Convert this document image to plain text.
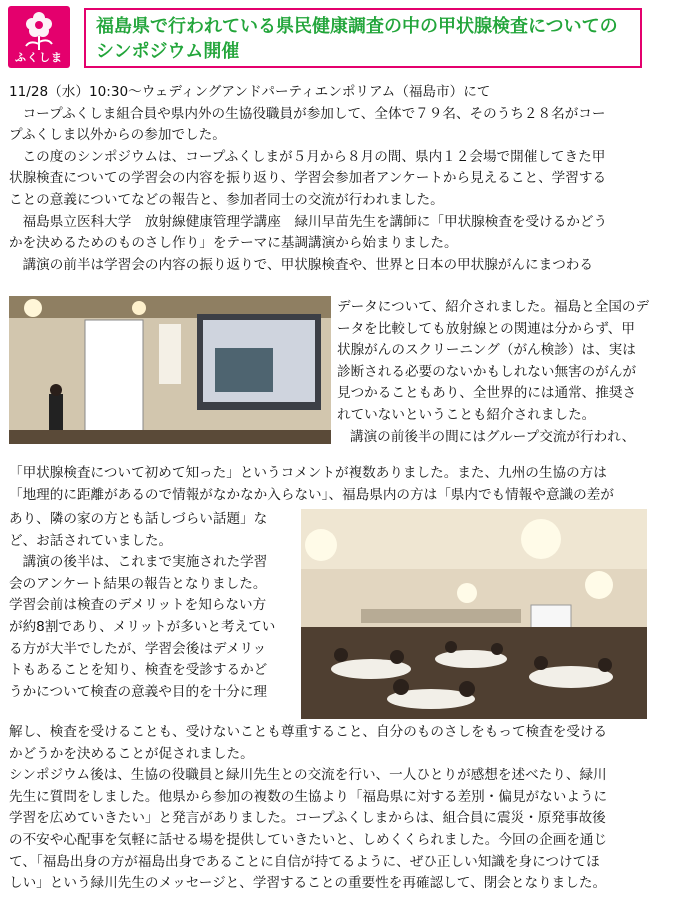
ふくしま
福島県で行われている県民健康調査の中の甲状腺検査についての
シンポジウム開催

11/28（水）10:30～ウェディングアンドパーティエンポリアム（福島市）にて
　コープふくしま組合員や県内外の生協役職員が参加して、全体で７９名、そのうち２８名がコー
プふくしま以外からの参加でした。
　この度のシンポジウムは、コープふくしまが５月から８月の間、県内１２会場で開催してきた甲
状腺検査についての学習会の内容を振り返り、学習会参加者アンケートから見えること、学習する
ことの意義についてなどの報告と、参加者同士の交流が行われました。
　福島県立医科大学　放射線健康管理学講座　緑川早苗先生を講師に「甲状腺検査を受けるかどう
かを決めるためのものさし作り」をテーマに基調講演から始まりました。
　講演の前半は学習会の内容の振り返りで、甲状腺検査や、世界と日本の甲状腺がんにまつわる

データについて、紹介されました。福島と全国のデ
ータを比較しても放射線との関連は分からず、甲
状腺がんのスクリーニング（がん検診）は、実は
診断される必要のないかもしれない無害のがんが
見つかることもあり、全世界的には通常、推奨さ
れていないということも紹介されました。

講演の前後半の間にはグループ交流が行われ、

「甲状腺検査について初めて知った」というコメントが複数ありました。また、九州の生協の方は
「地理的に距離があるので情報がなかなか入らない」、福島県内の方は「県内でも情報や意識の差が

あり、隣の家の方とも話しづらい話題」な
ど、お話されていました。
　講演の後半は、これまで実施された学習
会のアンケート結果の報告となりました。
学習会前は検査のデメリットを知らない方
が約8割であり、メリットが多いと考えてい
る方が大半でしたが、学習会後はデメリッ
トもあることを知り、検査を受診するかど
うかについて検査の意義や目的を十分に理

解し、検査を受けることも、受けないことも尊重すること、自分のものさしをもって検査を受ける
かどうかを決めることが促されました。
シンポジウム後は、生協の役職員と緑川先生との交流を行い、一人ひとりが感想を述べたり、緑川
先生に質問をしました。他県から参加の複数の生協より「福島県に対する差別・偏見がないように
学習を広めていきたい」と発言がありました。コープふくしまからは、組合員に震災・原発事故後
の不安や心配事を気軽に話せる場を提供していきたいと、しめくくられました。今回の企画を通じ
て、「福島出身の方が福島出身であることに自信が持てるように、ぜひ正しい知識を身につけてほ
しい」という緑川先生のメッセージと、学習することの重要性を再確認して、閉会となりました。
